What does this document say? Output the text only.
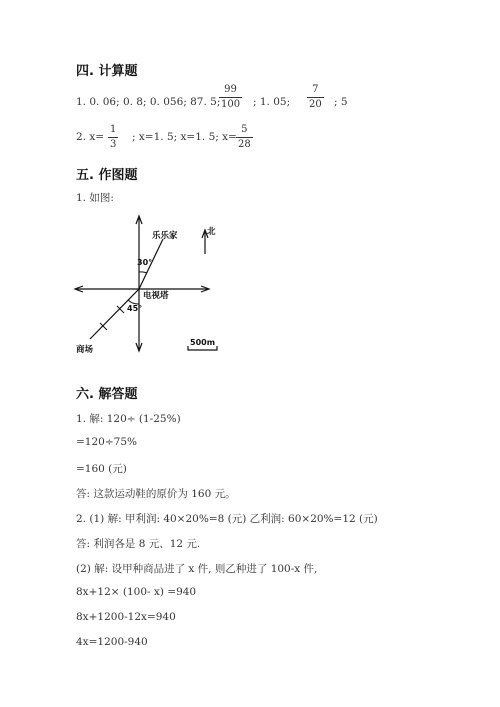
四. 计算题
1. 0. 06; 0. 8; 0. 056; 87. 5;
99
100 ; 1. 05;
7
20 ; 5
2. x=
1
3
; x=1. 5; x=1. 5; x=
5
28
五. 作图题
1. 如图:
乐乐家	北
30°
电视塔
45°
商场
500m
六. 解答题
1. 解: 120÷ (1-25%)
=120÷75%
=160 (元)
答: 这款运动鞋的原价为 160 元。
2. (1) 解: 甲利润: 40×20%=8 (元) 乙利润: 60×20%=12 (元)
答: 利润各是 8 元、12 元.
(2) 解: 设甲种商品进了 x 件, 则乙种进了 100-x 件,
8x+12× (100- x) =940
8x+1200-12x=940
4x=1200-940
